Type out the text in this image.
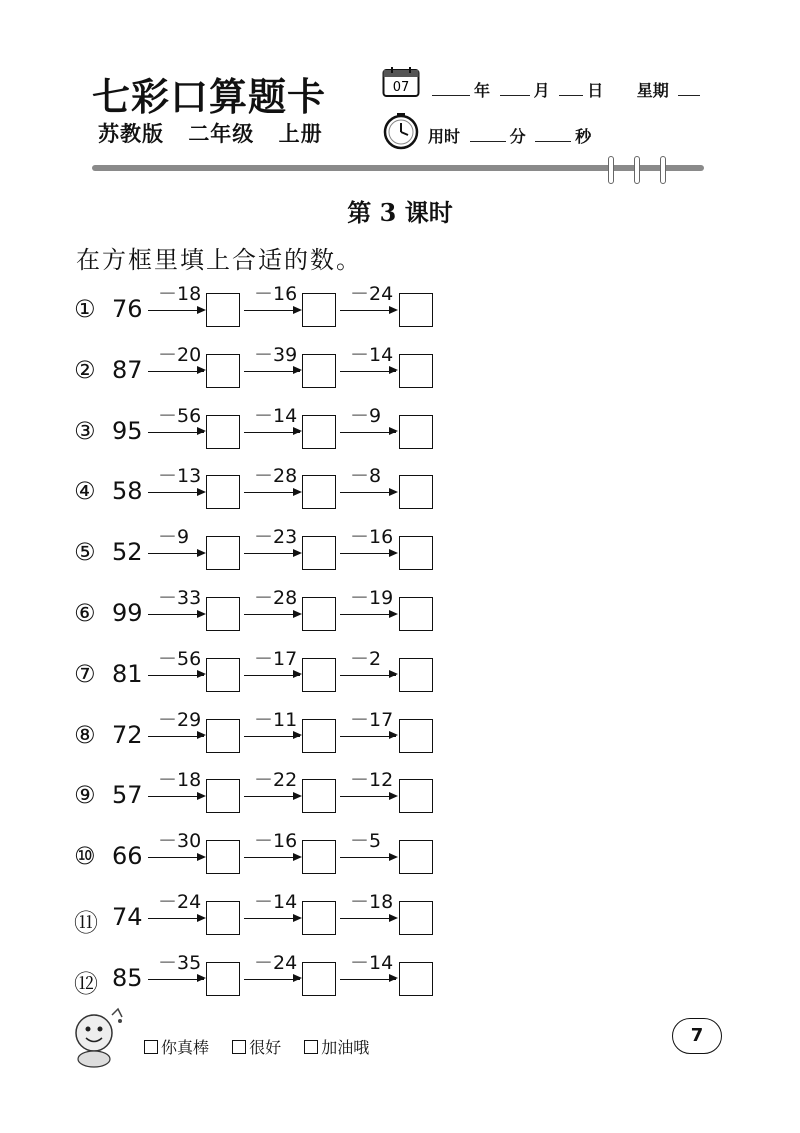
七彩口算题卡
苏教版 二年级 上册
07	年	月 日 星期
用时	分	秒
第 3 课时
在方框里填上合适的数。
① 76
－18	－16	－24
② 87
－20	－39	－14
③ 95
－56	－14	－9
④ 58
－13	－28	－8
⑤ 52
－9	－23	－16
⑥ 99
－33	－28	－19
⑦ 81
－56	－17	－2
⑧ 72
－29	－11	－17
⑨ 57
－18	－22	－12
⑩ 66
－30	－16	－5
⑪ 74
－24	－14	－18
⑫ 85
－35	－24	－14
你真棒	很好	加油哦
7
